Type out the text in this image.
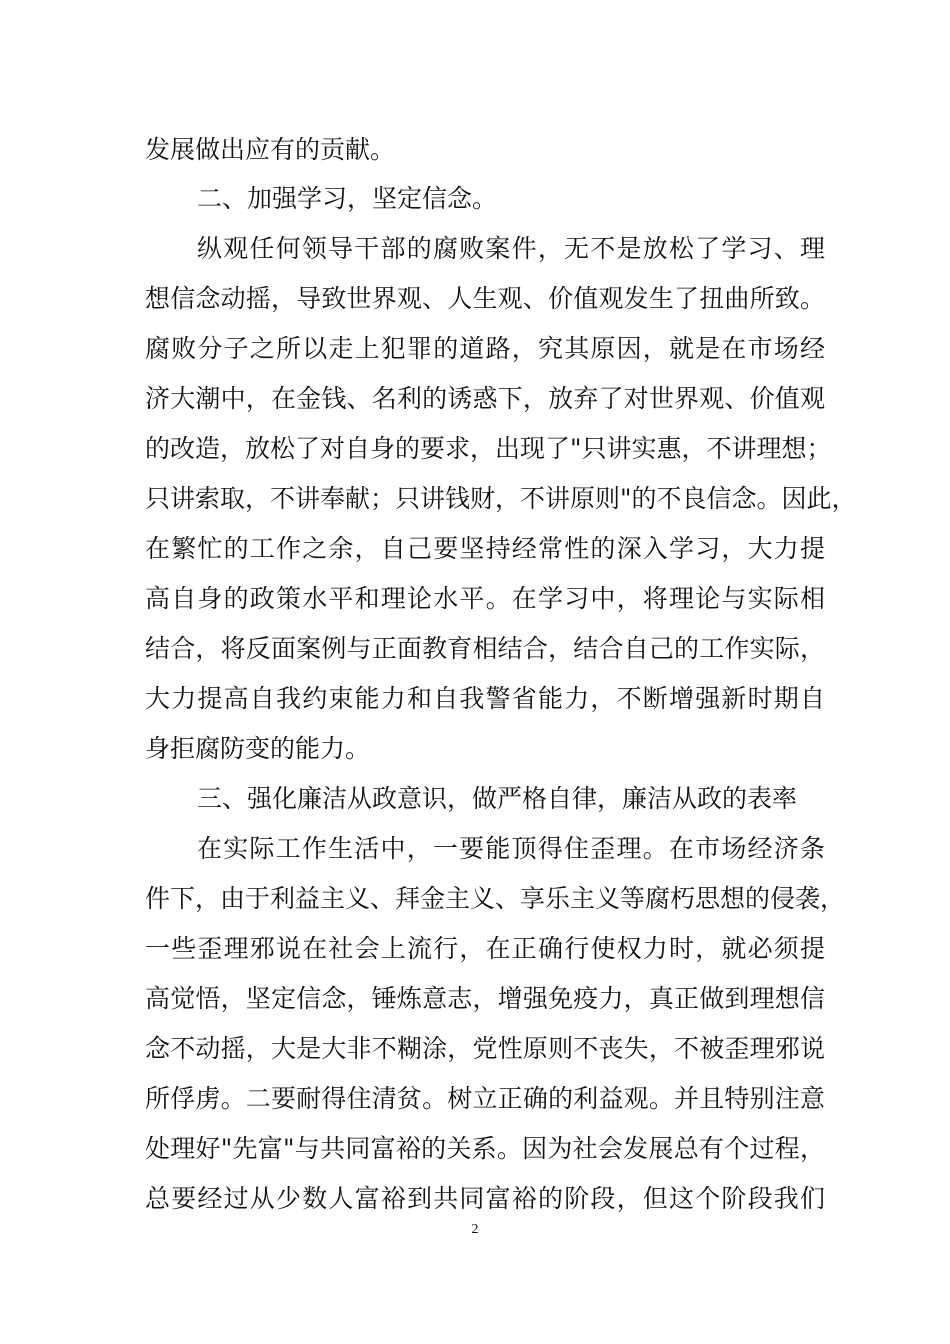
发展做出应有的贡献。
二、加强学习，坚定信念。
纵观任何领导干部的腐败案件，无不是放松了学习、理
想信念动摇，导致世界观、人生观、价值观发生了扭曲所致。
腐败分子之所以走上犯罪的道路，究其原因，就是在市场经
济大潮中，在金钱、名利的诱惑下，放弃了对世界观、价值观
的改造，放松了对自身的要求，出现了"只讲实惠，不讲理想；
只讲索取，不讲奉献；只讲钱财，不讲原则"的不良信念。因此，
在繁忙的工作之余，自己要坚持经常性的深入学习，大力提
高自身的政策水平和理论水平。在学习中，将理论与实际相
结合，将反面案例与正面教育相结合，结合自己的工作实际，
大力提高自我约束能力和自我警省能力，不断增强新时期自
身拒腐防变的能力。
三、强化廉洁从政意识，做严格自律，廉洁从政的表率
在实际工作生活中，一要能顶得住歪理。在市场经济条
件下，由于利益主义、拜金主义、享乐主义等腐朽思想的侵袭，
一些歪理邪说在社会上流行，在正确行使权力时，就必须提
高觉悟，坚定信念，锤炼意志，增强免疫力，真正做到理想信
念不动摇，大是大非不糊涂，党性原则不丧失，不被歪理邪说
所俘虏。二要耐得住清贫。树立正确的利益观。并且特别注意
处理好"先富"与共同富裕的关系。因为社会发展总有个过程，
总要经过从少数人富裕到共同富裕的阶段，但这个阶段我们
2
